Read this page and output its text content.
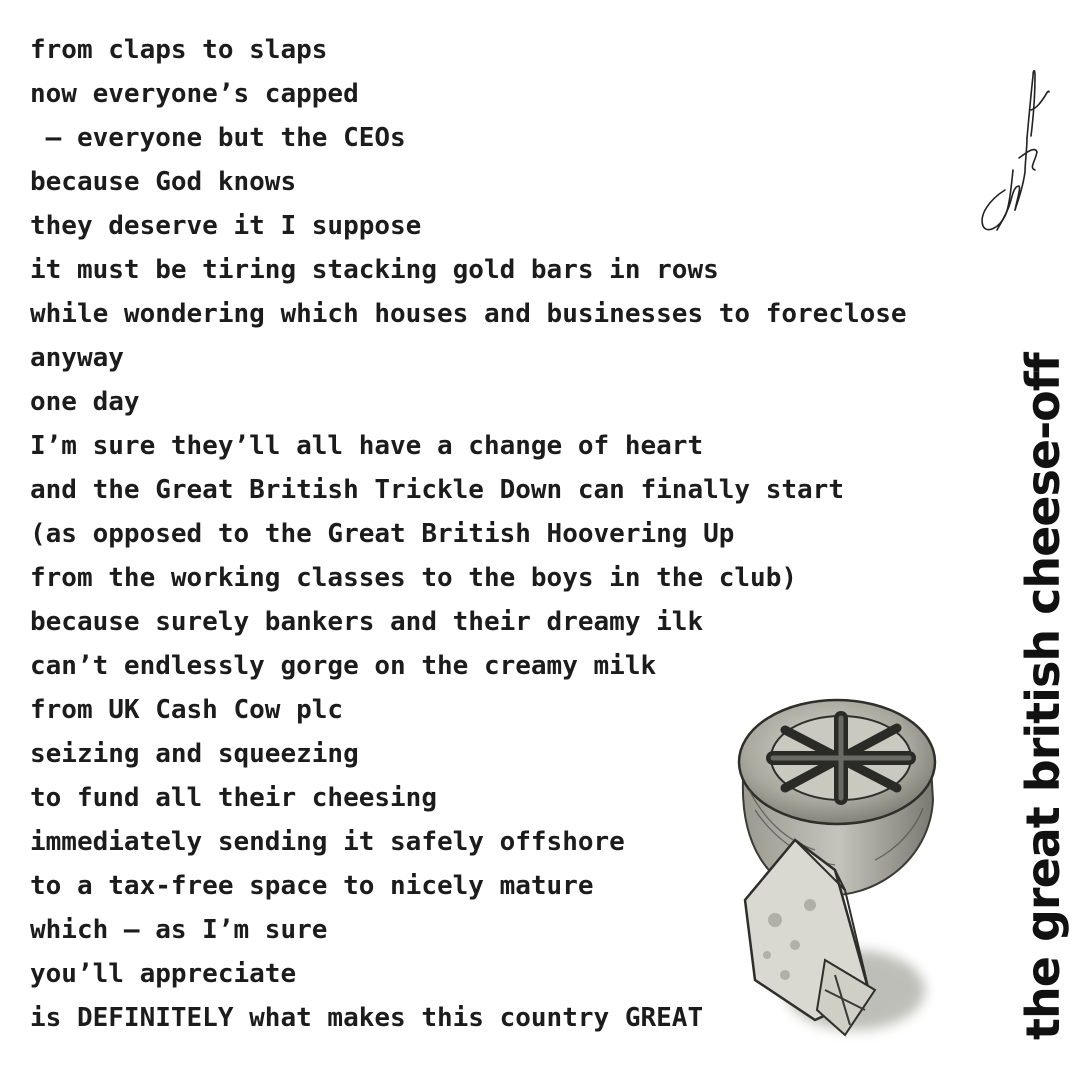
from claps to slaps
now everyone’s capped
– everyone but the CEOs
because God knows
they deserve it I suppose
it must be tiring stacking gold bars in rows
while wondering which houses and businesses to foreclose
anyway
one day
I’m sure they’ll all have a change of heart
and the Great British Trickle Down can finally start
(as opposed to the Great British Hoovering Up
from the working classes to the boys in the club)
because surely bankers and their dreamy ilk
can’t endlessly gorge on the creamy milk
from UK Cash Cow plc
seizing and squeezing
to fund all their cheesing
immediately sending it safely offshore
to a tax-free space to nicely mature
which – as I’m sure
you’ll appreciate
is DEFINITELY what makes this country GREAT	the great british cheese-off
